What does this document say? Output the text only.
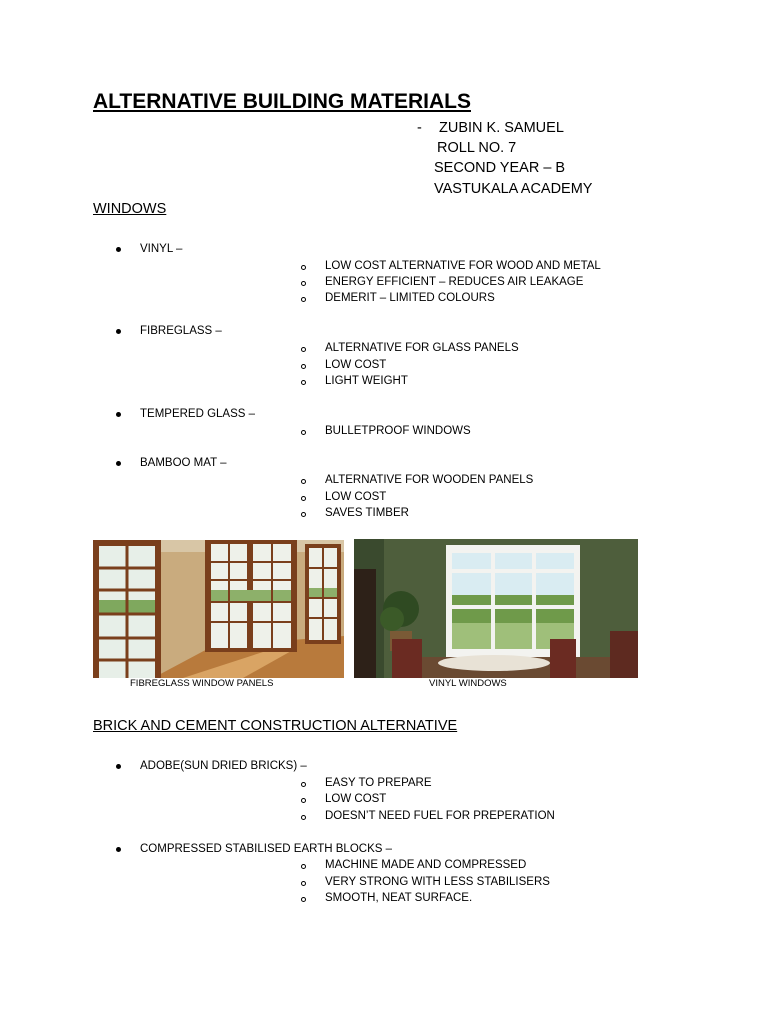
ALTERNATIVE BUILDING MATERIALS
- ZUBIN K. SAMUEL
ROLL NO. 7
SECOND YEAR – B
VASTUKALA ACADEMY
WINDOWS
VINYL –
LOW COST ALTERNATIVE FOR WOOD AND METAL
ENERGY EFFICIENT – REDUCES AIR LEAKAGE
DEMERIT – LIMITED COLOURS
FIBREGLASS –
ALTERNATIVE FOR GLASS PANELS
LOW COST
LIGHT WEIGHT
TEMPERED GLASS –
BULLETPROOF WINDOWS
BAMBOO MAT –
ALTERNATIVE FOR WOODEN PANELS
LOW COST
SAVES TIMBER
FIBREGLASS WINDOW PANELS	VINYL WINDOWS
BRICK AND CEMENT CONSTRUCTION ALTERNATIVE
ADOBE(SUN DRIED BRICKS) –
EASY TO PREPARE
LOW COST
DOESN’T NEED FUEL FOR PREPERATION
COMPRESSED STABILISED EARTH BLOCKS –
MACHINE MADE AND COMPRESSED
VERY STRONG WITH LESS STABILISERS
SMOOTH, NEAT SURFACE.
